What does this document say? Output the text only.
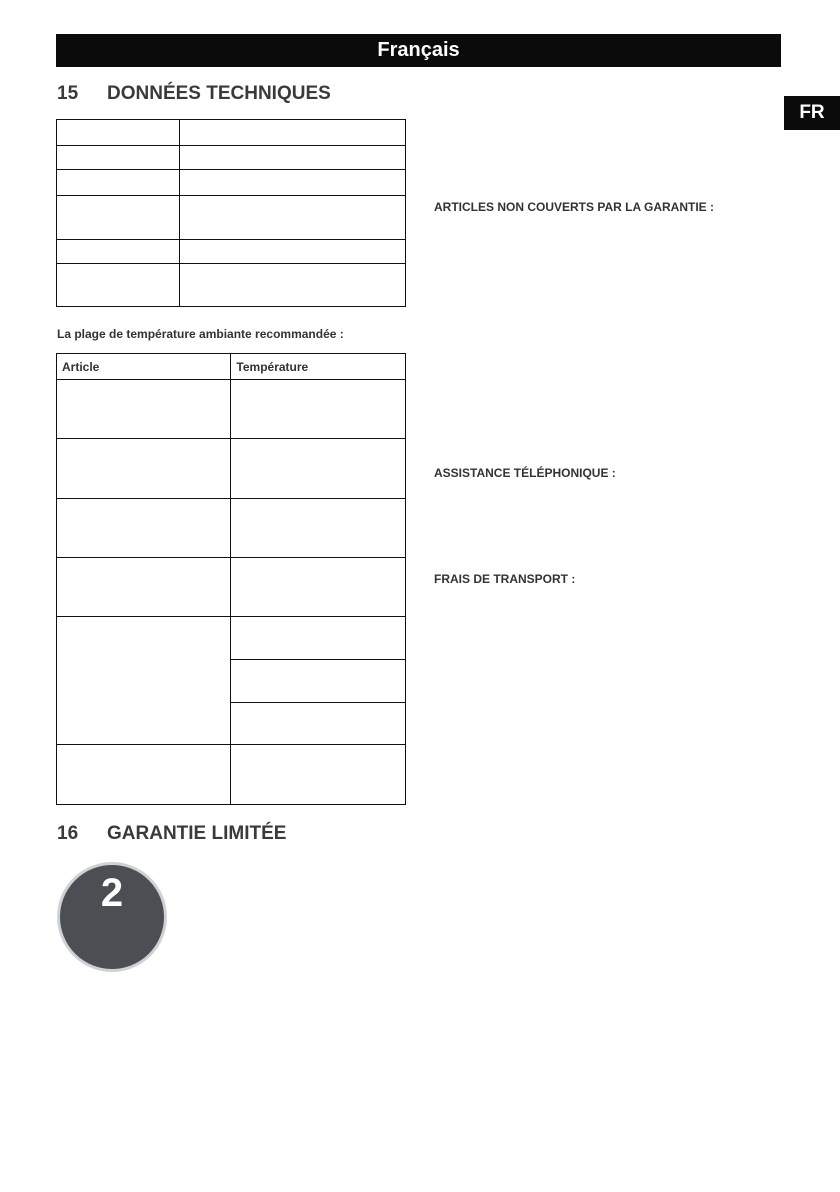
Français
FR
15 DONNÉES TECHNIQUES

La plage de température ambiante recommandée :
Article	Température

16 GARANTIE LIMITÉE
2
ARTICLES NON COUVERTS PAR LA GARANTIE :
ASSISTANCE TÉLÉPHONIQUE :
FRAIS DE TRANSPORT :
